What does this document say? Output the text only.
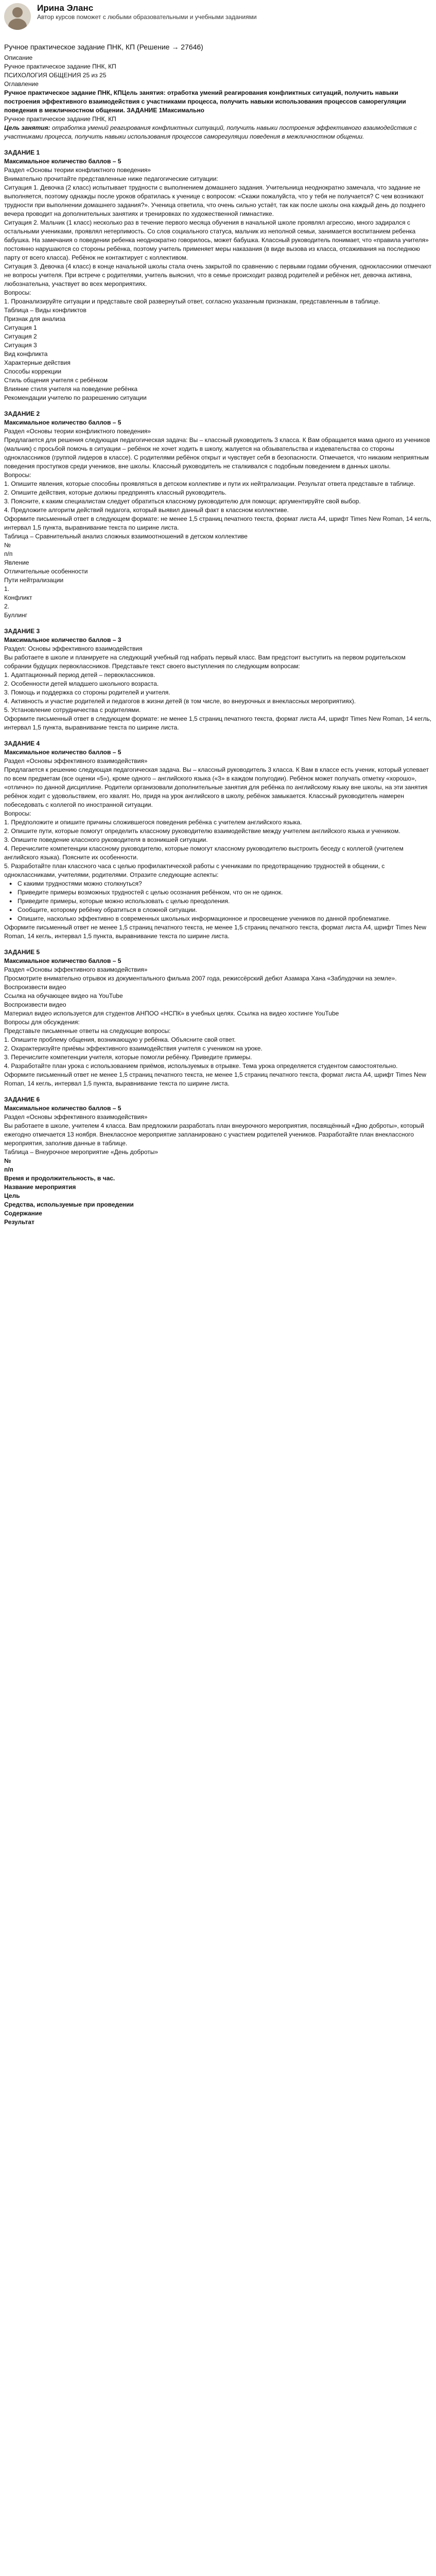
Ирина Эланс
Автор курсов поможет с любыми образовательными и учебными заданиями
Ручное практическое задание ПНК, КП (Решение → 27646)

Описание

Ручное практическое задание ПНК, КП

ПСИХОЛОГИЯ ОБЩЕНИЯ 25 из 25

Оглавление

Ручное практическое задание ПНК, КПЦель занятия: отработка умений реагирования конфликтных ситуаций, получить навыки построения эффективного взаимодействия с участниками процесса, получить навыки использования процессов саморегуляции поведения в межличностном общении. ЗАДАНИЕ 1Максимально

Ручное практическое задание ПНК, КП

Цель занятия: отработка умений реагирования конфликтных ситуаций, получить навыки построения эффективного взаимодействия с участниками процесса, получить навыки использования процессов саморегуляции поведения в межличностном общении.

ЗАДАНИЕ 1

Максимальное количество баллов – 5

Раздел «Основы теории конфликтного поведения»

Внимательно прочитайте представленные ниже педагогические ситуации:

Ситуация 1. Девочка (2 класс) испытывает трудности с выполнением домашнего задания. Учительница неоднократно замечала, что задание не выполняется, поэтому однажды после уроков обратилась к ученице с вопросом: «Скажи пожалуйста, что у тебя не получается? С чем возникают трудности при выполнении домашнего задания?». Ученица ответила, что очень сильно устаёт, так как после школы она каждый день до позднего вечера проводит на дополнительных занятиях и тренировках по художественной гимнастике.

Ситуация 2. Мальчик (1 класс) несколько раз в течение первого месяца обучения в начальной школе проявлял агрессию, много задирался с остальными учениками, проявлял нетерпимость. Со слов социального статуса, мальчик из неполной семьи, занимается воспитанием ребенка бабушка. На замечания о поведении ребенка неоднократно говорилось, может бабушка. Классный руководитель понимает, что «правила учителя» постоянно нарушаются со стороны ребёнка, поэтому учитель применяет меры наказания (в виде вызова из класса, отсаживания на последнюю парту от всего класса). Ребёнок не контактирует с коллективом.

Ситуация 3. Девочка (4 класс) в конце начальной школы стала очень закрытой по сравнению с первыми годами обучения, одноклассники отмечают не вопросы учителя. При встрече с родителями, учитель выяснил, что в семье происходит развод родителей и ребёнок нет, девочка активна, любознательна, участвует во всех мероприятиях.

Вопросы:

1. Проанализируйте ситуации и представьте свой развернутый ответ, согласно указанным признакам, представленным в таблице.

Таблица – Виды конфликтов

Признак для анализа

Ситуация 1

Ситуация 2

Ситуация 3

Вид конфликта

Характерные действия

Способы коррекции

Стиль общения учителя с ребёнком

Влияние стиля учителя на поведение ребёнка

Рекомендации учителю по разрешению ситуации

ЗАДАНИЕ 2

Максимальное количество баллов – 5

Раздел «Основы теории конфликтного поведения»

Предлагается для решения следующая педагогическая задача: Вы – классный руководитель 3 класса. К Вам обращается мама одного из учеников (мальчик) с просьбой помочь в ситуации – ребёнок не хочет ходить в школу, жалуется на обзывательства и издевательства со стороны одноклассников (группой лидеров в классе). С родителями ребёнок открыт и чувствует себя в безопасности. Отмечается, что никаким неприятным поведения проступков среди учеников, вне школы. Классный руководитель не сталкивался с подобным поведением в данных школы.

Вопросы:

1. Опишите явления, которые способны проявляться в детском коллективе и пути их нейтрализации. Результат ответа представьте в таблице.

2. Опишите действия, которые должны предпринять классный руководитель.

3. Поясните, к каким специалистам следует обратиться классному руководителю для помощи; аргументируйте свой выбор.

4. Предложите алгоритм действий педагога, который выявил данный факт в классном коллективе.

Оформите письменный ответ в следующем формате: не менее 1,5 страниц печатного текста, формат листа А4, шрифт Times New Roman, 14 кегль, интервал 1,5 пункта, выравнивание текста по ширине листа.

Таблица – Сравнительный анализ сложных взаимоотношений в детском коллективе

№

п/п

Явление

Отличительные особенности

Пути нейтрализации

1.

Конфликт

2.

Буллинг

ЗАДАНИЕ 3

Максимальное количество баллов – 3

Раздел: Основы эффективного взаимодействия

Вы работаете в школе и планируете на следующий учебный год набрать первый класс. Вам предстоит выступить на первом родительском собрании будущих первоклассников. Представьте текст своего выступления по следующим вопросам:

1. Адаптационный период детей – первоклассников.

2. Особенности детей младшего школьного возраста.

3. Помощь и поддержка со стороны родителей и учителя.

4. Активность и участие родителей и педагогов в жизни детей (в том числе, во внеурочных и внеклассных мероприятиях).

5. Установление сотрудничества с родителями.

Оформите письменный ответ в следующем формате: не менее 1,5 страниц печатного текста, формат листа А4, шрифт Times New Roman, 14 кегль, интервал 1,5 пункта, выравнивание текста по ширине листа.

ЗАДАНИЕ 4

Максимальное количество баллов – 5

Раздел «Основы эффективного взаимодействия»

Предлагается к решению следующая педагогическая задача. Вы – классный руководитель 3 класса. К Вам в классе есть ученик, который успевает по всем предметам (все оценки «5»), кроме одного – английского языка («3» в каждом полугодии). Ребёнок может получать отметку «хорошо», «отлично» по данной дисциплине. Родители организовали дополнительные занятия для ребёнка по английскому языку вне школы, на эти занятия ребёнок ходит с удовольствием, его хвалят. Но, придя на урок английского в школу, ребёнок замыкается. Классный руководитель намерен побеседовать с коллегой по иностранной ситуации.

Вопросы:

1. Предположите и опишите причины сложившегося поведения ребёнка с учителем английского языка.

2. Опишите пути, которые помогут определить классному руководителю взаимодействие между учителем английского языка и учеником.

3. Опишите поведение классного руководителя в возникшей ситуации.

4. Перечислите компетенции классному руководителю, которые помогут классному руководителю выстроить беседу с коллегой (учителем английского языка). Поясните их особенности.

5. Разработайте план классного часа с целью профилактической работы с учениками по предотвращению трудностей в общении, с одноклассниками, учителями, родителями. Отразите следующие аспекты:

● С какими трудностями можно столкнуться?

● Приведите примеры возможных трудностей с целью осознания ребёнком, что он не одинок.

● Приведите примеры, которые можно использовать с целью преодоления.

● Сообщите, которому ребёнку обратиться в сложной ситуации.

● Опишите, насколько эффективно в современных школьных информационное и просвещение учеников по данной проблематике.

Оформите письменный ответ не менее 1,5 страниц печатного текста, не менее 1,5 страниц печатного текста, формат листа А4, шрифт Times New Roman, 14 кегль, интервал 1,5 пункта, выравнивание текста по ширине листа.

ЗАДАНИЕ 5

Максимальное количество баллов – 5

Раздел «Основы эффективного взаимодействия»

Просмотрите внимательно отрывок из документального фильма 2007 года, режиссёрский дебют Азамара Хана «Заблудочки на земле».

Воспроизвести видео

Ссылка на обучающее видео на YouTube

Воспроизвести видео

Материал видео используется для студентов АНПОО «НСПК» в учебных целях. Ссылка на видео хостинге YouTube

Вопросы для обсуждения:

Представьте письменные ответы на следующие вопросы:

1. Опишите проблему общения, возникающую у ребёнка. Объясните свой ответ.

2. Охарактеризуйте приёмы эффективного взаимодействия учителя с учеником на уроке.

3. Перечислите компетенции учителя, которые помогли ребёнку. Приведите примеры.

4. Разработайте план урока с использованием приёмов, используемых в отрывке. Тема урока определяется студентом самостоятельно.

Оформите письменный ответ не менее 1,5 страниц печатного текста, не менее 1,5 страниц печатного текста, формат листа А4, шрифт Times New Roman, 14 кегль, интервал 1,5 пункта, выравнивание текста по ширине листа.

ЗАДАНИЕ 6

Максимальное количество баллов – 5

Раздел «Основы эффективного взаимодействия»

Вы работаете в школе, учителем 4 класса. Вам предложили разработать план внеурочного мероприятия, посвящённый «Дню доброты», который ежегодно отмечается 13 ноября. Внеклассное мероприятие запланировано с участием родителей учеников. Разработайте план внеклассного мероприятия, заполнив данные в таблице.

Таблица – Внеурочное мероприятие «День доброты»

№

п/п

Время и продолжительность, в час.

Название мероприятия

Цель

Средства, используемые при проведении

Содержание

Результат
